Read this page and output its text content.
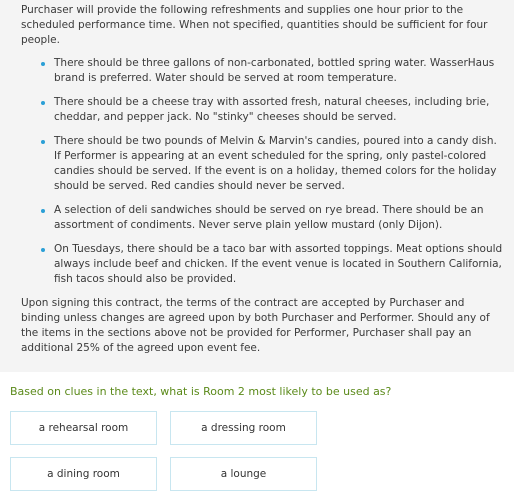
Purchaser will provide the following refreshments and supplies one hour prior to the scheduled performance time. When not specified, quantities should be sufficient for four people.

There should be three gallons of non-carbonated, bottled spring water. WasserHaus brand is preferred. Water should be served at room temperature.
There should be a cheese tray with assorted fresh, natural cheeses, including brie, cheddar, and pepper jack. No "stinky" cheeses should be served.
There should be two pounds of Melvin & Marvin's candies, poured into a candy dish. If Performer is appearing at an event scheduled for the spring, only pastel-colored candies should be served. If the event is on a holiday, themed colors for the holiday should be served. Red candies should never be served.
A selection of deli sandwiches should be served on rye bread. There should be an assortment of condiments. Never serve plain yellow mustard (only Dijon).
On Tuesdays, there should be a taco bar with assorted toppings. Meat options should always include beef and chicken. If the event venue is located in Southern California, fish tacos should also be provided.

Upon signing this contract, the terms of the contract are accepted by Purchaser and binding unless changes are agreed upon by both Purchaser and Performer. Should any of the items in the sections above not be provided for Performer, Purchaser shall pay an additional 25% of the agreed upon event fee.

Based on clues in the text, what is Room 2 most likely to be used as?
a rehearsal room	a dressing room
a dining room	a lounge
